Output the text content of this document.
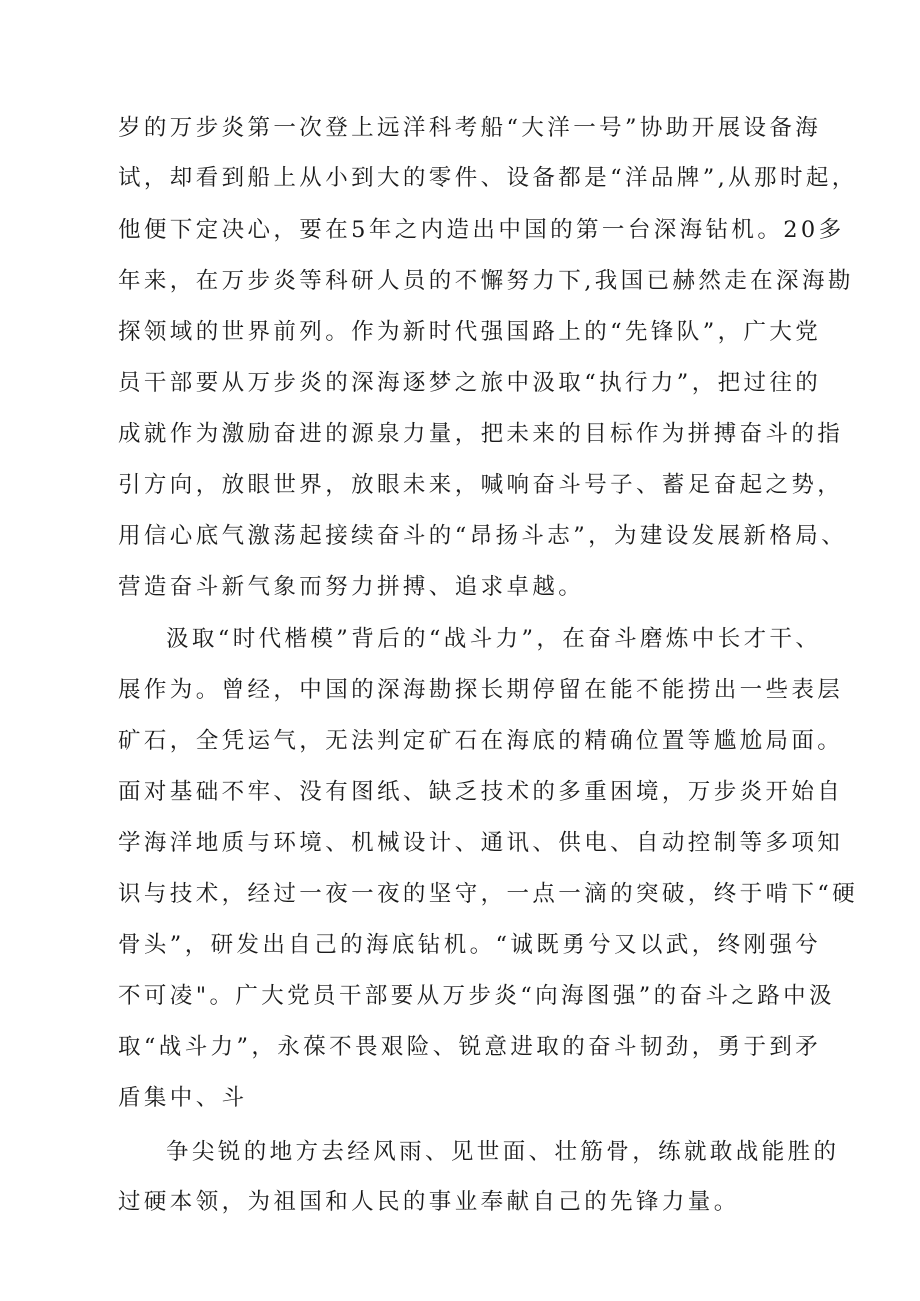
岁的万步炎第一次登上远洋科考船“大洋一号”协助开展设备海
试，却看到船上从小到大的零件、设备都是“洋品牌”,从那时起，
他便下定决心，要在5年之内造出中国的第一台深海钻机。20多
年来，在万步炎等科研人员的不懈努力下,我国已赫然走在深海勘
探领域的世界前列。作为新时代强国路上的“先锋队”，广大党
员干部要从万步炎的深海逐梦之旅中汲取“执行力”，把过往的
成就作为激励奋进的源泉力量，把未来的目标作为拼搏奋斗的指
引方向，放眼世界，放眼未来，喊响奋斗号子、蓄足奋起之势，
用信心底气激荡起接续奋斗的“昂扬斗志”，为建设发展新格局、
营造奋斗新气象而努力拼搏、追求卓越。
汲取“时代楷模”背后的“战斗力”，在奋斗磨炼中长才干、
展作为。曾经，中国的深海勘探长期停留在能不能捞出一些表层
矿石，全凭运气，无法判定矿石在海底的精确位置等尴尬局面。
面对基础不牢、没有图纸、缺乏技术的多重困境，万步炎开始自
学海洋地质与环境、机械设计、通讯、供电、自动控制等多项知
识与技术，经过一夜一夜的坚守，一点一滴的突破，终于啃下“硬
骨头”，研发出自己的海底钻机。“诚既勇兮又以武，终刚强兮
不可凌"。广大党员干部要从万步炎“向海图强”的奋斗之路中汲
取“战斗力”，永葆不畏艰险、锐意进取的奋斗韧劲，勇于到矛
盾集中、斗
争尖锐的地方去经风雨、见世面、壮筋骨，练就敢战能胜的
过硬本领，为祖国和人民的事业奉献自己的先锋力量。
